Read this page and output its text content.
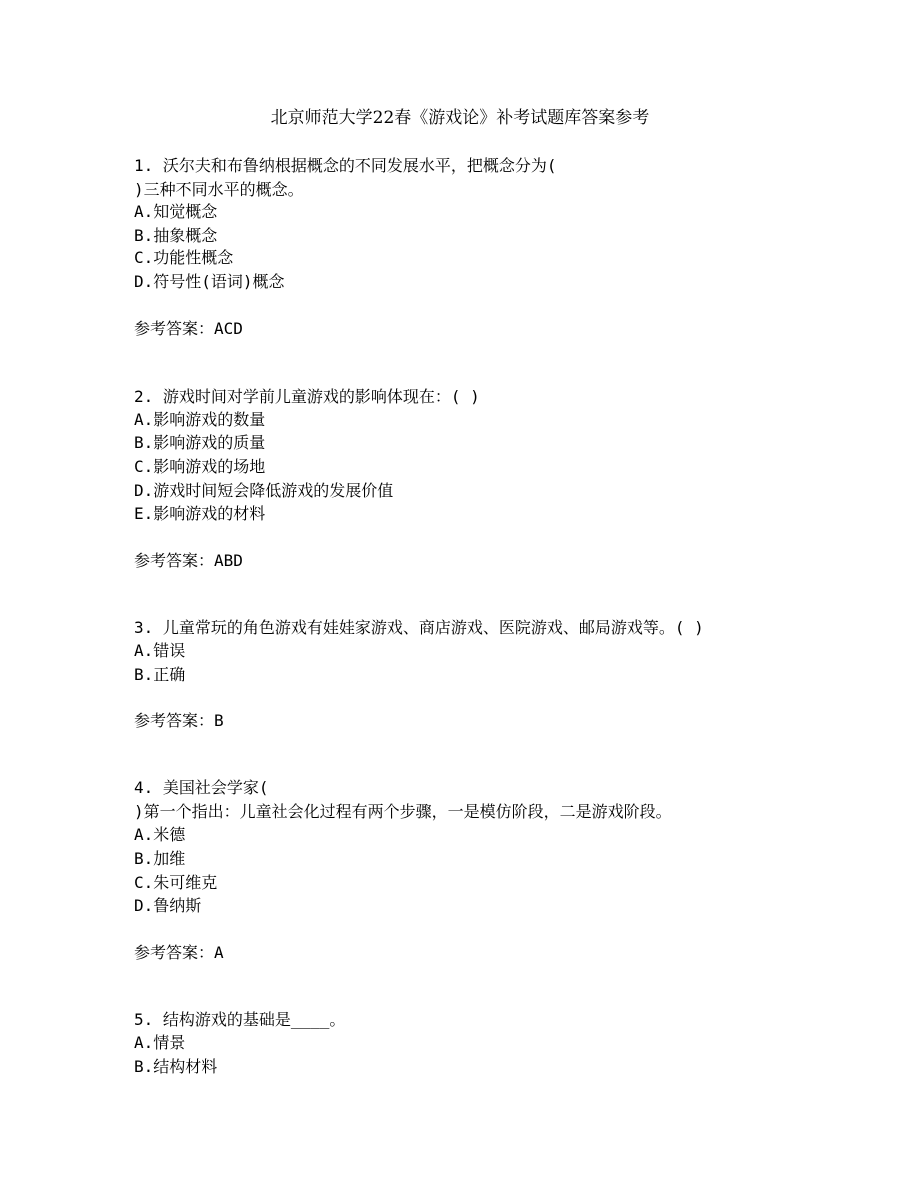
北京师范大学22春《游戏论》补考试题库答案参考
1. 沃尔夫和布鲁纳根据概念的不同发展水平，把概念分为(
)三种不同水平的概念。
A.知觉概念
B.抽象概念
C.功能性概念
D.符号性(语词)概念
参考答案：ACD
2. 游戏时间对学前儿童游戏的影响体现在：( )
A.影响游戏的数量
B.影响游戏的质量
C.影响游戏的场地
D.游戏时间短会降低游戏的发展价值
E.影响游戏的材料
参考答案：ABD
3. 儿童常玩的角色游戏有娃娃家游戏、商店游戏、医院游戏、邮局游戏等。( )
A.错误
B.正确
参考答案：B
4. 美国社会学家(
)第一个指出：儿童社会化过程有两个步骤，一是模仿阶段，二是游戏阶段。
A.米德
B.加维
C.朱可维克
D.鲁纳斯
参考答案：A
5. 结构游戏的基础是____。
A.情景
B.结构材料
